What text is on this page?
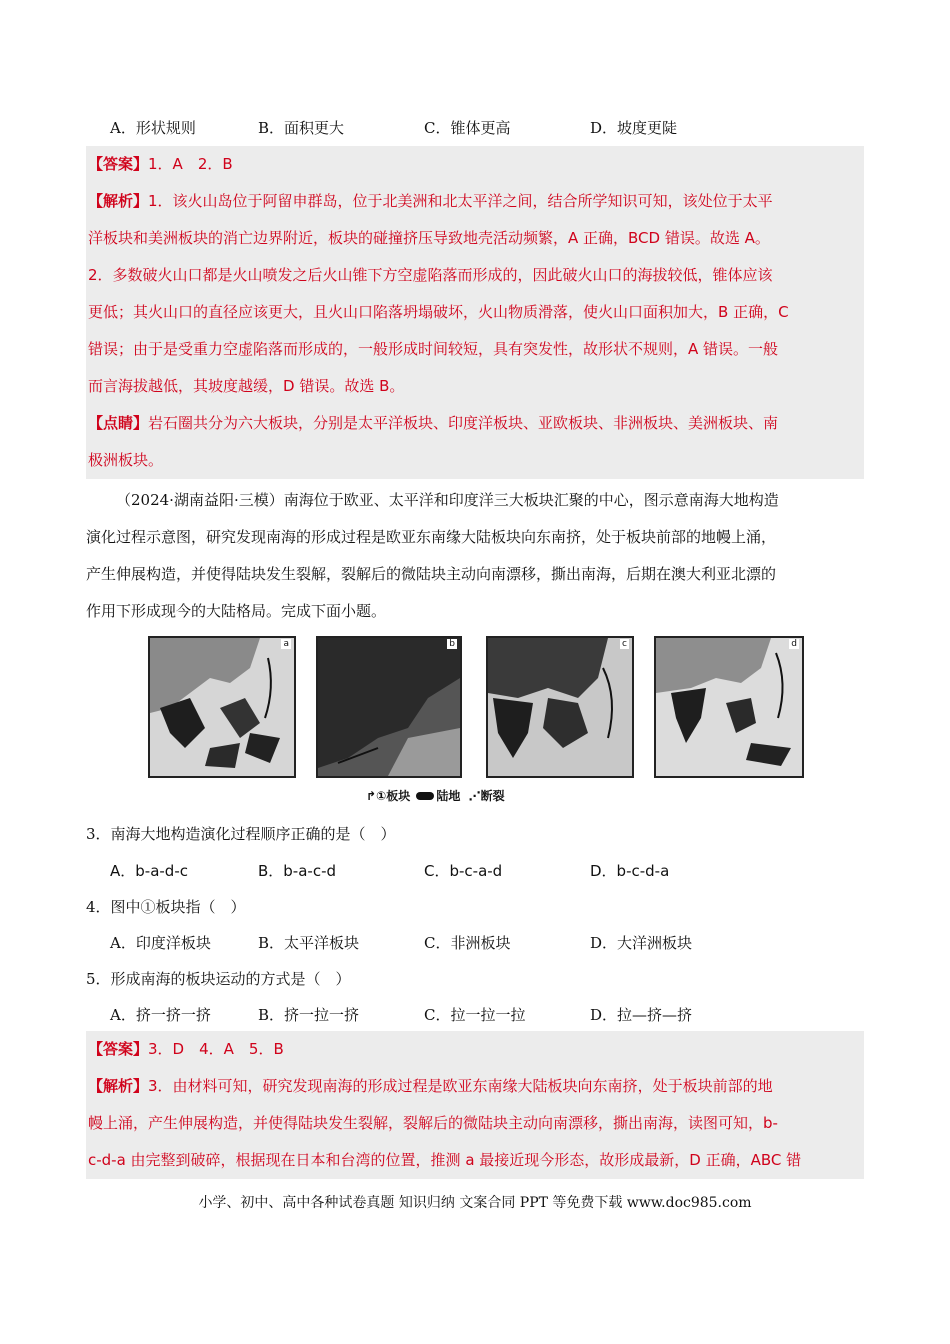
A．形状规则	B．面积更大	C．锥体更高	D．坡度更陡

【答案】1．A　2．B

【解析】1．该火山岛位于阿留申群岛，位于北美洲和北太平洋之间，结合所学知识可知，该处位于太平

洋板块和美洲板块的消亡边界附近，板块的碰撞挤压导致地壳活动频繁，A 正确，BCD 错误。故选 A。

2．多数破火山口都是火山喷发之后火山锥下方空虚陷落而形成的，因此破火山口的海拔较低，锥体应该

更低；其火山口的直径应该更大，且火山口陷落坍塌破坏，火山物质滑落，使火山口面积加大，B 正确，C

错误；由于是受重力空虚陷落而形成的，一般形成时间较短，具有突发性，故形状不规则，A 错误。一般

而言海拔越低，其坡度越缓，D 错误。故选 B。

【点睛】岩石圈共分为六大板块，分别是太平洋板块、印度洋板块、亚欧板块、非洲板块、美洲板块、南

极洲板块。

（2024·湖南益阳·三模）南海位于欧亚、太平洋和印度洋三大板块汇聚的中心，图示意南海大地构造

演化过程示意图，研究发现南海的形成过程是欧亚东南缘大陆板块向东南挤，处于板块前部的地幔上涌，

产生伸展构造，并使得陆块发生裂解，裂解后的微陆块主动向南漂移，撕出南海，后期在澳大利亚北漂的

作用下形成现今的大陆格局。完成下面小题。

a	b	c	d
↱①板块 陆地 ⋰断裂
3．南海大地构造演化过程顺序正确的是（　）
A．b-a-d-c	B．b-a-c-d	C．b-c-a-d	D．b-c-d-a
4．图中①板块指（　）
A．印度洋板块	B．太平洋板块	C．非洲板块	D．大洋洲板块
5．形成南海的板块运动的方式是（　）
A．挤一挤一挤	B．挤一拉一挤	C．拉一拉一拉	D．拉—挤—挤

【答案】3．D　4．A　5．B

【解析】3．由材料可知，研究发现南海的形成过程是欧亚东南缘大陆板块向东南挤，处于板块前部的地

幔上涌，产生伸展构造，并使得陆块发生裂解，裂解后的微陆块主动向南漂移，撕出南海，读图可知，b-

c-d-a 由完整到破碎，根据现在日本和台湾的位置，推测 a 最接近现今形态，故形成最新，D 正确，ABC 错

小学、初中、高中各种试卷真题 知识归纳 文案合同 PPT 等免费下载 www.doc985.com
